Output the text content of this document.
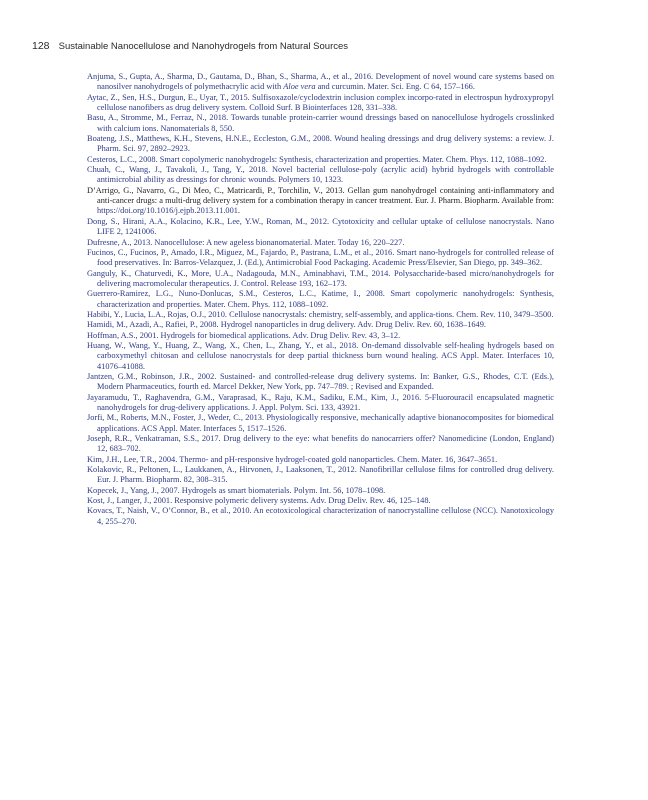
128 Sustainable Nanocellulose and Nanohydrogels from Natural Sources

Anjuma, S., Gupta, A., Sharma, D., Gautama, D., Bhan, S., Sharma, A., et al., 2016. Development of novel wound care systems based on nanosilver nanohydrogels of polymethacrylic acid with Aloe vera and curcumin. Mater. Sci. Eng. C 64, 157–166.

Aytac, Z., Sen, H.S., Durgun, E., Uyar, T., 2015. Sulfisoxazole/cyclodextrin inclusion complex incorpo-rated in electrospun hydroxypropyl cellulose nanofibers as drug delivery system. Colloid Surf. B Biointerfaces 128, 331–338.

Basu, A., Stromme, M., Ferraz, N., 2018. Towards tunable protein-carrier wound dressings based on nanocellulose hydrogels crosslinked with calcium ions. Nanomaterials 8, 550.

Boateng, J.S., Matthews, K.H., Stevens, H.N.E., Eccleston, G.M., 2008. Wound healing dressings and drug delivery systems: a review. J. Pharm. Sci. 97, 2892–2923.

Cesteros, L.C., 2008. Smart copolymeric nanohydrogels: Synthesis, characterization and properties. Mater. Chem. Phys. 112, 1088–1092.

Chuah, C., Wang, J., Tavakoli, J., Tang, Y., 2018. Novel bacterial cellulose-poly (acrylic acid) hybrid hydrogels with controllable antimicrobial ability as dressings for chronic wounds. Polymers 10, 1323.

D’Arrigo, G., Navarro, G., Di Meo, C., Matricardi, P., Torchilin, V., 2013. Gellan gum nanohydrogel containing anti-inflammatory and anti-cancer drugs: a multi-drug delivery system for a combination therapy in cancer treatment. Eur. J. Pharm. Biopharm. Available from: https://doi.org/10.1016/j.ejpb.2013.11.001.

Dong, S., Hirani, A.A., Kolacino, K.R., Lee, Y.W., Roman, M., 2012. Cytotoxicity and cellular uptake of cellulose nanocrystals. Nano LIFE 2, 1241006.

Dufresne, A., 2013. Nanocellulose: A new ageless bionanomaterial. Mater. Today 16, 220–227.

Fucinos, C., Fucinos, P., Amado, I.R., Miguez, M., Fajardo, P., Pastrana, L.M., et al., 2016. Smart nano-hydrogels for controlled release of food preservatives. In: Barros-Velazquez, J. (Ed.), Antimicrobial Food Packaging. Academic Press/Elsevier, San Diego, pp. 349–362.

Ganguly, K., Chaturvedi, K., More, U.A., Nadagouda, M.N., Aminabhavi, T.M., 2014. Polysaccharide-based micro/nanohydrogels for delivering macromolecular therapeutics. J. Control. Release 193, 162–173.

Guerrero-Ramirez, L.G., Nuno-Donlucas, S.M., Cesteros, L.C., Katime, I., 2008. Smart copolymeric nanohydrogels: Synthesis, characterization and properties. Mater. Chem. Phys. 112, 1088–1092.

Habibi, Y., Lucia, L.A., Rojas, O.J., 2010. Cellulose nanocrystals: chemistry, self-assembly, and applica-tions. Chem. Rev. 110, 3479–3500.

Hamidi, M., Azadi, A., Rafiei, P., 2008. Hydrogel nanoparticles in drug delivery. Adv. Drug Deliv. Rev. 60, 1638–1649.

Hoffman, A.S., 2001. Hydrogels for biomedical applications. Adv. Drug Deliv. Rev. 43, 3–12.

Huang, W., Wang, Y., Huang, Z., Wang, X., Chen, L., Zhang, Y., et al., 2018. On-demand dissolvable self-healing hydrogels based on carboxymethyl chitosan and cellulose nanocrystals for deep partial thickness burn wound healing. ACS Appl. Mater. Interfaces 10, 41076–41088.

Jantzen, G.M., Robinson, J.R., 2002. Sustained- and controlled-release drug delivery systems. In: Banker, G.S., Rhodes, C.T. (Eds.), Modern Pharmaceutics, fourth ed. Marcel Dekker, New York, pp. 747–789. ; Revised and Expanded.

Jayaramudu, T., Raghavendra, G.M., Varaprasad, K., Raju, K.M., Sadiku, E.M., Kim, J., 2016. 5-Fluorouracil encapsulated magnetic nanohydrogels for drug-delivery applications. J. Appl. Polym. Sci. 133, 43921.

Jorfi, M., Roberts, M.N., Foster, J., Weder, C., 2013. Physiologically responsive, mechanically adaptive bionanocomposites for biomedical applications. ACS Appl. Mater. Interfaces 5, 1517–1526.

Joseph, R.R., Venkatraman, S.S., 2017. Drug delivery to the eye: what benefits do nanocarriers offer? Nanomedicine (London, England) 12, 683–702.

Kim, J.H., Lee, T.R., 2004. Thermo- and pH-responsive hydrogel-coated gold nanoparticles. Chem. Mater. 16, 3647–3651.

Kolakovic, R., Peltonen, L., Laukkanen, A., Hirvonen, J., Laaksonen, T., 2012. Nanofibrillar cellulose films for controlled drug delivery. Eur. J. Pharm. Biopharm. 82, 308–315.

Kopecek, J., Yang, J., 2007. Hydrogels as smart biomaterials. Polym. Int. 56, 1078–1098.

Kost, J., Langer, J., 2001. Responsive polymeric delivery systems. Adv. Drug Deliv. Rev. 46, 125–148.

Kovacs, T., Naish, V., O’Connor, B., et al., 2010. An ecotoxicological characterization of nanocrystalline cellulose (NCC). Nanotoxicology 4, 255–270.
